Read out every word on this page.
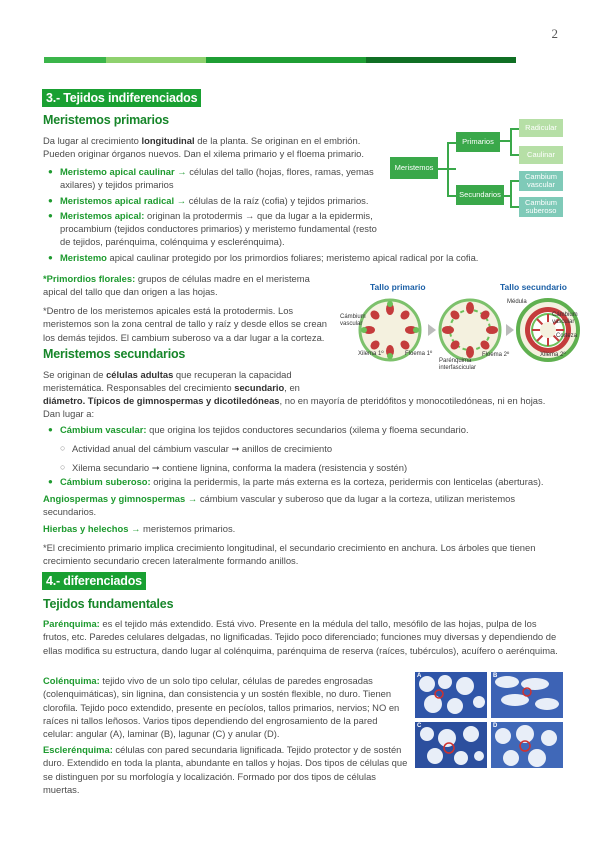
2
3.- Tejidos indiferenciados
Meristemos primarios
Da lugar al crecimiento longitudinal de la planta. Se originan en el embrión. Pueden originar órganos nuevos. Dan el xilema primario y el floema primario.
● Meristemo apical caulinar → células del tallo (hojas, flores, ramas, yemas axilares) y tejidos primarios
● Meristemos apical radical → células de la raíz (cofia) y tejidos primarios.
● Meristemos apical: originan la protodermis → que da lugar a la epidermis, procambium (tejidos conductores primarios) y meristemo fundamental (resto de tejidos, parénquima, colénquima y esclerénquima).
● Meristemo apical caulinar protegido por los primordios foliares; meristemo apical radical por la cofia.
*Primordios florales: grupos de células madre en el meristema apical del tallo que dan origen a las hojas.
*Dentro de los meristemos apicales está la protodermis. Los meristemos son la zona central de tallo y raíz y desde ellos se crean los demás tejidos. El cambium suberoso va a dar lugar a la corteza.
Meristemos
Primarios
Secundarios
Radicular
Caulinar
Cambium vascular
Cambium suberoso
Tallo primario	Tallo secundario
Cámbium vascular
Xilema 1º	Floema 1º
Parénquima interfascicular
Médula
Cámbium vascular
Corteza
Floema 2º	Xilema 2º
Meristemos secundarios
Se originan de células adultas que recuperan la capacidad meristemática. Responsables del crecimiento secundario, en
diámetro. Típicos de gimnospermas y dicotiledóneas, no en mayoría de pteridófitos y monocotiledóneas, ni en hojas. Dan lugar a:
● Cámbium vascular: que origina los tejidos conductores secundarios (xilema y floema secundario.
○ Actividad anual del cámbium vascular ➞ anillos de crecimiento
○ Xilema secundario ➞ contiene lignina, conforma la madera (resistencia y sostén)
● Cámbium suberoso: origina la peridermis, la parte más externa es la corteza, peridermis con lenticelas (aberturas).
Angiospermas y gimnospermas → cámbium vascular y suberoso que da lugar a la corteza, utilizan meristemos secundarios.
Hierbas y helechos → meristemos primarios.
*El crecimiento primario implica crecimiento longitudinal, el secundario crecimiento en anchura. Los árboles que tienen crecimiento secundario crecen lateralmente formando anillos.
4.- diferenciados
Tejidos fundamentales
Parénquima: es el tejido más extendido. Está vivo. Presente en la médula del tallo, mesófilo de las hojas, pulpa de los frutos, etc. Paredes celulares delgadas, no lignificadas. Tejido poco diferenciado; funciones muy diversas y dependiendo de ellas modifica su estructura, dando lugar al colénquima, parénquima de reserva (raíces, tubérculos), acuífero o aerénquima.
Colénquima: tejido vivo de un solo tipo celular, células de paredes engrosadas (colenquimáticas), sin lignina, dan consistencia y un sostén flexible, no duro. Tienen clorofila. Tejido poco extendido, presente en pecíolos, tallos primarios, nervios; NO en raíces ni tallos leñosos. Varios tipos dependiendo del engrosamiento de la pared celular: angular (A), laminar (B), lagunar (C) y anular (D).
Esclerénquima: células con pared secundaria lignificada. Tejido protector y de sostén duro. Extendido en toda la planta, abundante en tallos y hojas. Dos tipos de células que se distinguen por su morfología y localización. Formado por dos tipos de células muertas.
A	B
C	D
